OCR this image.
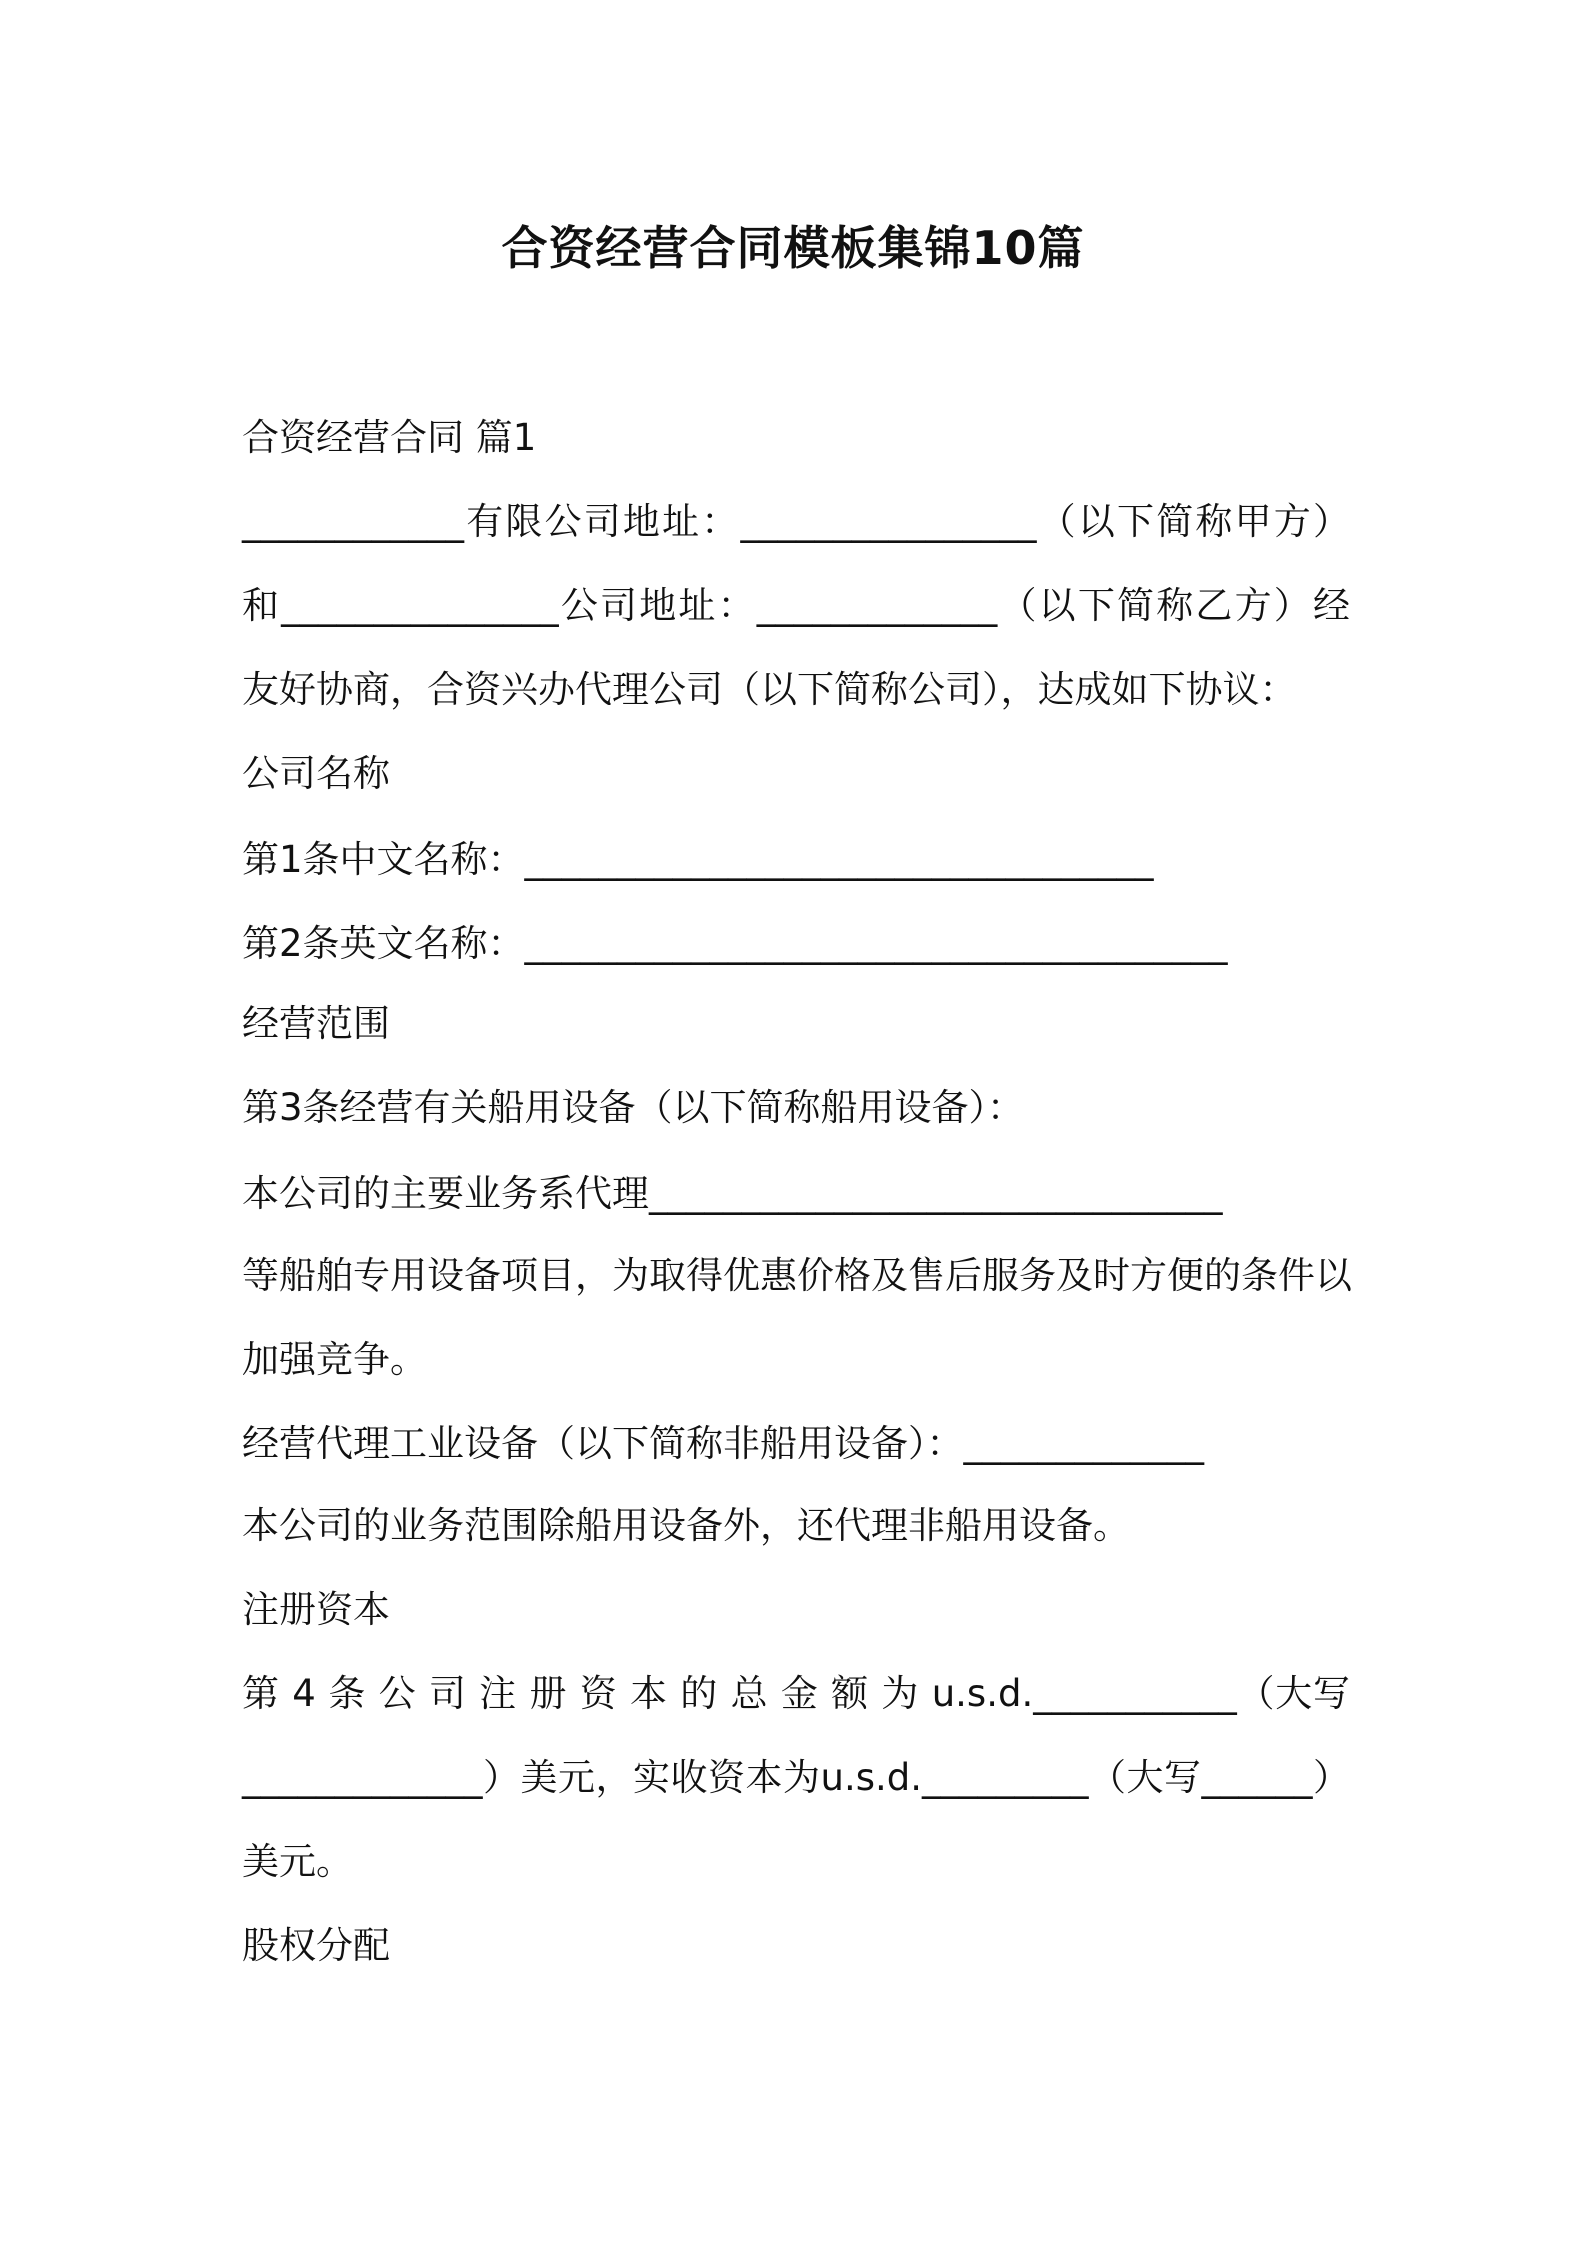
合资经营合同模板集锦10篇
合资经营合同 篇1
____________有限公司地址：________________（以下简称甲方）
和_______________公司地址：_____________（以下简称乙方）经
友好协商，合资兴办代理公司（以下简称公司），达成如下协议：
公司名称
第1条中文名称：__________________________________
第2条英文名称：______________________________________
经营范围
第3条经营有关船用设备（以下简称船用设备）：
本公司的主要业务系代理_______________________________
等船舶专用设备项目，为取得优惠价格及售后服务及时方便的条件以
加强竞争。
经营代理工业设备（以下简称非船用设备）：_____________
本公司的业务范围除船用设备外，还代理非船用设备。
注册资本
第 4 条 公 司 注 册 资 本 的 总 金 额 为 u.s.d.___________（大写
_____________）美元，实收资本为u.s.d._________（大写______）
美元。
股权分配
